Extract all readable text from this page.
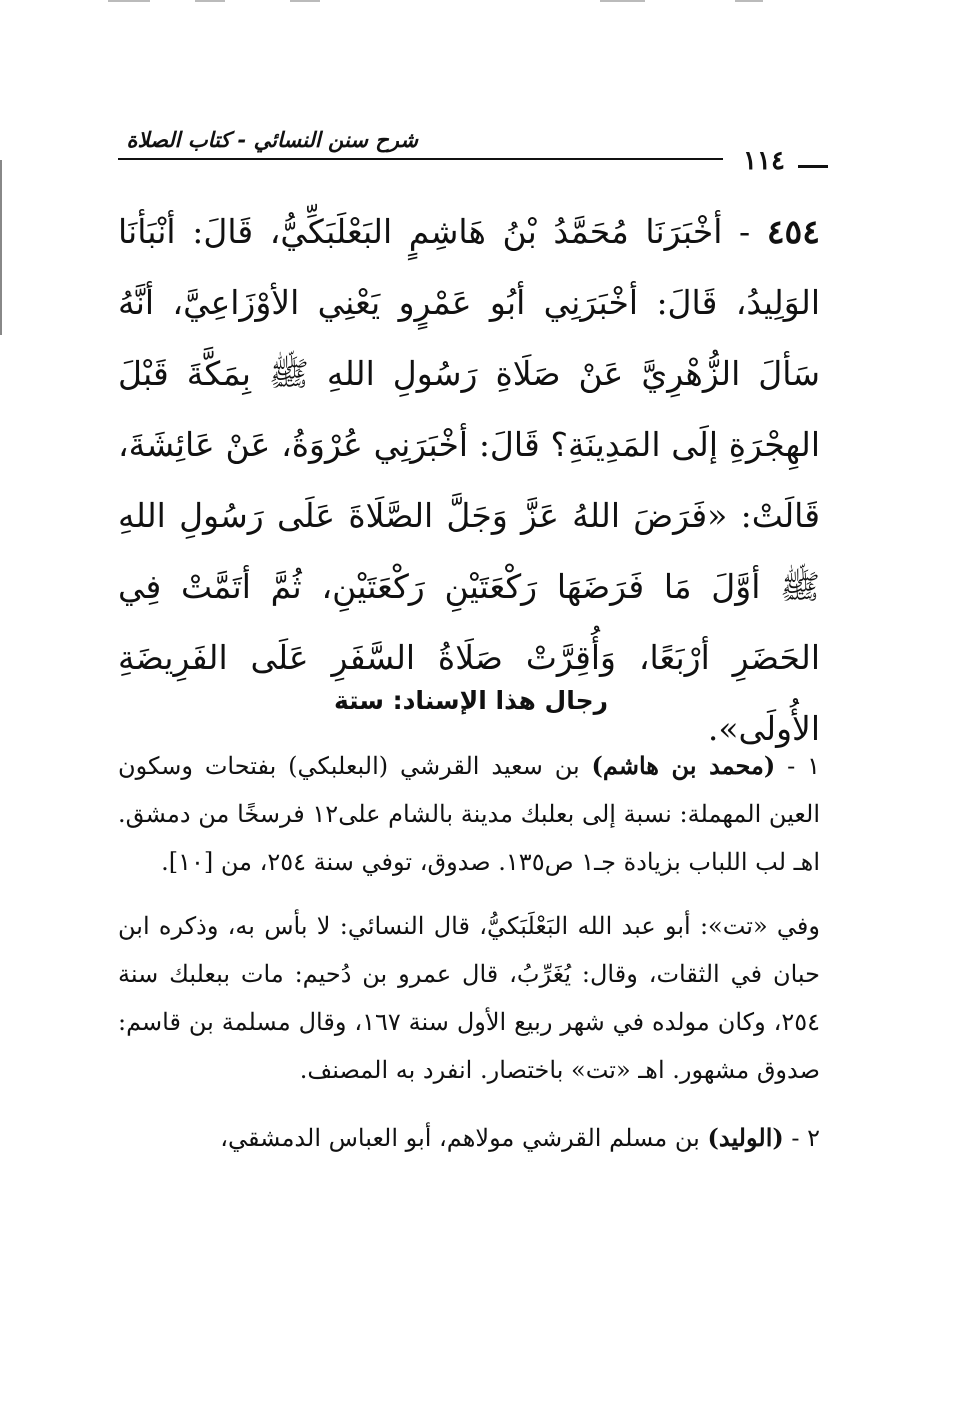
شرح سنن النسائي - كتاب الصلاة
١١٤
٤٥٤ - أخْبَرَنَا مُحَمَّدُ بْنُ هَاشِمٍ البَعْلَبَكِّيُّ، قَالَ: أنْبَأنَا الوَلِيدُ، قَالَ: أخْبَرَنِي أبُو عَمْرٍو يَعْنِي الأوْزَاعِيَّ، أنَّهُ سَألَ الزُّهْرِيَّ عَنْ صَلَاةِ رَسُولِ اللهِ ﷺ بِمَكَّةَ قَبْلَ الهِجْرَةِ إلَى المَدِينَةِ؟ قَالَ: أخْبَرَنِي عُرْوَةُ، عَنْ عَائِشَةَ، قَالَتْ: «فَرَضَ اللهُ عَزَّ وَجَلَّ الصَّلَاةَ عَلَى رَسُولِ اللهِ ﷺ أوَّلَ مَا فَرَضَهَا رَكْعَتَيْنِ رَكْعَتَيْنِ، ثُمَّ أتَمَّتْ فِي الحَضَرِ أرْبَعًا، وَأُقِرَّتْ صَلَاةُ السَّفَرِ عَلَى الفَرِيضَةِ الأُولَى».
رجال هذا الإسناد: ستة

١ - (محمد بن هاشم) بن سعيد القرشي (البعلبكي) بفتحات وسكون العين المهملة: نسبة إلى بعلبك مدينة بالشام على١٢ فرسخًا من دمشق. اهـ لب اللباب بزيادة جـ١ ص١٣٥. صدوق، توفي سنة ٢٥٤، من [١٠].

وفي «تت»: أبو عبد الله البَعْلَبَكيُّ، قال النسائي: لا بأس به، وذكره ابن حبان في الثقات، وقال: يُغَرِّبُ، قال عمرو بن دُحيم: مات ببعلبك سنة ٢٥٤، وكان مولده في شهر ربيع الأول سنة ١٦٧، وقال مسلمة بن قاسم: صدوق مشهور. اهـ «تت» باختصار. انفرد به المصنف.

٢ - (الوليد) بن مسلم القرشي مولاهم، أبو العباس الدمشقي،
